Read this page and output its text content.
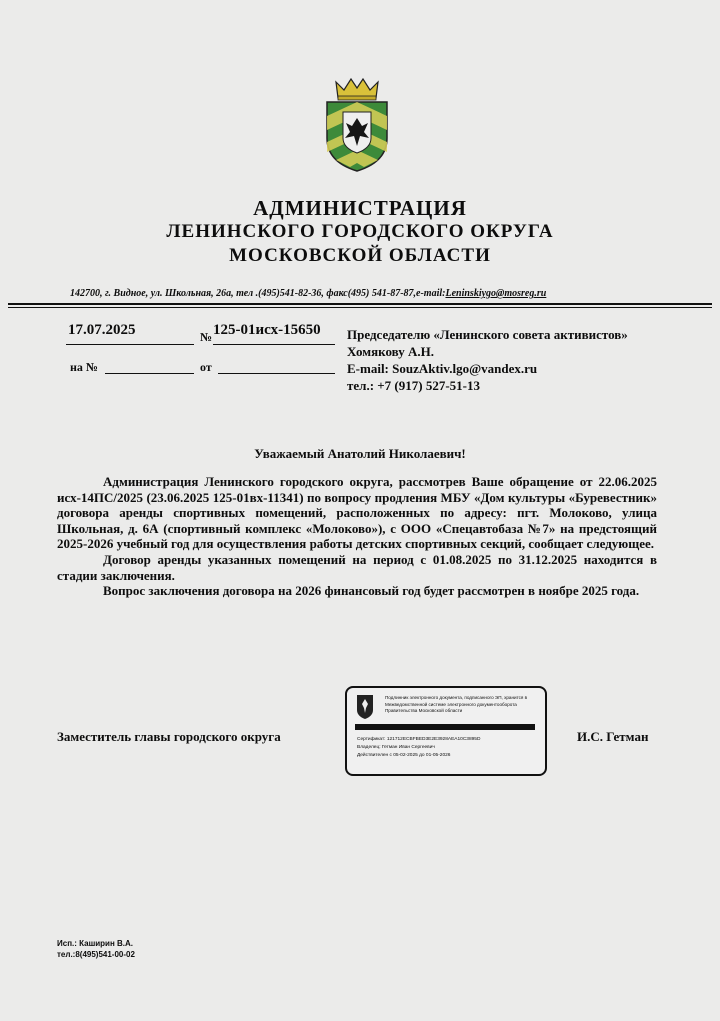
АДМИНИСТРАЦИЯ
ЛЕНИНСКОГО ГОРОДСКОГО ОКРУГА
МОСКОВСКОЙ ОБЛАСТИ
142700, г. Видное, ул. Школьная, 26а, тел .(495)541-82-36, факс(495) 541-87-87,e-mail:Leninskiygo@mosreg.ru
17.07.2025	№ 125-01исх-15650
на №	от
Председателю «Ленинского совета активистов»
Хомякову А.Н.
E-mail: SouzAktiv.lgo@vandex.ru
тел.: +7 (917) 527-51-13
Уважаемый Анатолий Николаевич!

Администрация Ленинского городского округа, рассмотрев Ваше обращение от 22.06.2025 исх-14ПС/2025 (23.06.2025 125-01вх-11341) по вопросу продления МБУ «Дом культуры «Буревестник» договора аренды спортивных помещений, расположенных по адресу: пгт. Молоково, улица Школьная, д. 6А (спортивный комплекс «Молоково»), с ООО «Спецавтобаза №7» на предстоящий 2025-2026 учебный год для осуществления работы детских спортивных секций, сообщает следующее.

Договор аренды указанных помещений на период с 01.08.2025 по 31.12.2025 находится в стадии заключения.

Вопрос заключения договора на 2026 финансовый год будет рассмотрен в ноябре 2025 года.

Заместитель главы городского округа
Подлинник электронного документа, подписанного ЭП, хранится в Межведомственной системе электронного документооборота Правительства Московской области
Сертификат: 121712ЕСBFBED3E2E3928AEA10C3895D
Владелец: Гетман Иван Сергеевич
Действителен с 05-02-2025 до 01-05-2026
И.С. Гетман
Исп.: Каширин В.А.
тел.:8(495)541-00-02
